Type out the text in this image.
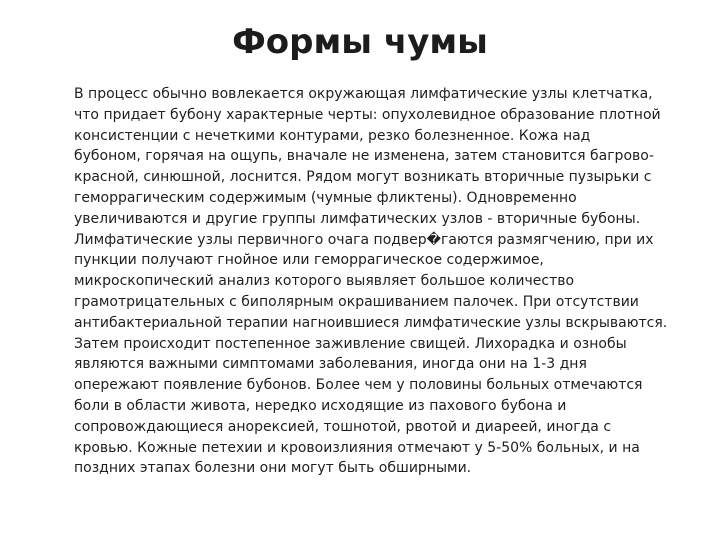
Формы чумы
В процесс обычно вовлекается окружающая лимфатические узлы клетчатка,
что придает бубону характерные черты: опухолевидное образование плотной
консистенции с нечеткими контурами, резко болезненное. Кожа над
бубоном, горячая на ощупь, вначале не изменена, затем становится багрово-
красной, синюшной, лоснится. Рядом могут возникать вторичные пузырьки с
геморрагическим содержимым (чумные фликтены). Одновременно
увеличиваются и другие группы лимфатических узлов - вторичные бубоны.
Лимфатические узлы первичного очага подвер�гаются размягчению, при их
пункции получают гнойное или геморрагическое содержимое,
микроскопический анализ которого выявляет большое количество
грамотрицательных с биполярным окрашиванием палочек. При отсутствии
антибактериальной терапии нагноившиеся лимфатические узлы вскрываются.
Затем происходит постепенное заживление свищей. Лихорадка и ознобы
являются важными симптомами заболевания, иногда они на 1-3 дня
опережают появление бубонов. Более чем у половины больных отмечаются
боли в области живота, нередко исходящие из пахового бубона и
сопровождающиеся анорексией, тошнотой, рвотой и диареей, иногда с
кровью. Кожные петехии и кровоизлияния отмечают у 5-50% больных, и на
поздних этапах болезни они могут быть обширными.
